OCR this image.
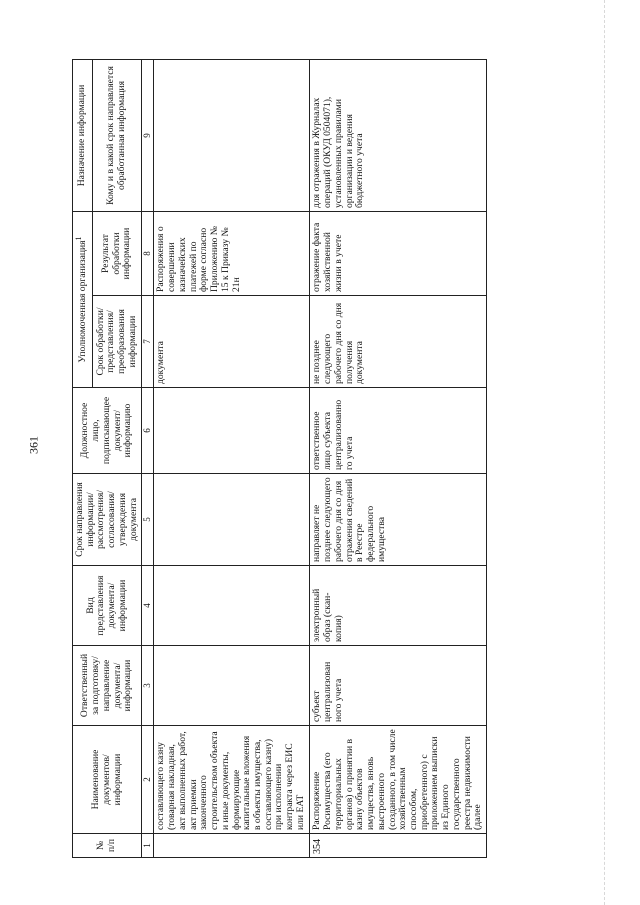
361
№ п/п	Наименование документов/ информации	Ответственный за подготовку/ направление документа/ информации	Вид представления документа/ информации	Срок направления информации/ рассмотрения/ согласования/ утверждения документа	Должностное лицо, подписывающее документ/ информацию	Уполномоченная организация$^1$		Назначение информации
						Срок обработки/ представления/ преобразования информации	Результат обработки информации	Кому и в какой срок направляется обработанная информация
1	2	3	4	5	6	7	8	9
	составляющего казну (товарная накладная, акт выполненных работ, акт приемки законченного строительством объекта и иные документы, формирующие капитальные вложения в объекты имущества, составляющего казну) при исполнении контракта через ЕИС или ЕАТ					документа	Распоряжения о совершении казначейских платежей по форме согласно Приложению № 15 к Приказу № 21н	
354	Распоряжение Росимущества (его территориальных органов) о принятии в казну объектов имущества, вновь выстроенного (созданного, в том числе хозяйственным способом, приобретенного) с приложением выписки из Единого государственного реестра недвижимости (далее	субъект централизован ного учета	электронный образ (скан-копия)	направляет не позднее следующего рабочего дня со дня отражения сведений в Реестре федерального имущества	ответственное лицо субъекта централизованно го учета	не позднее следующего рабочего дня со дня получения документа	отражение факта хозяйственной жизни в учете	для отражения в Журналах операций (ОКУД 0504071), установленных правилами организации и ведения бюджетного учета
